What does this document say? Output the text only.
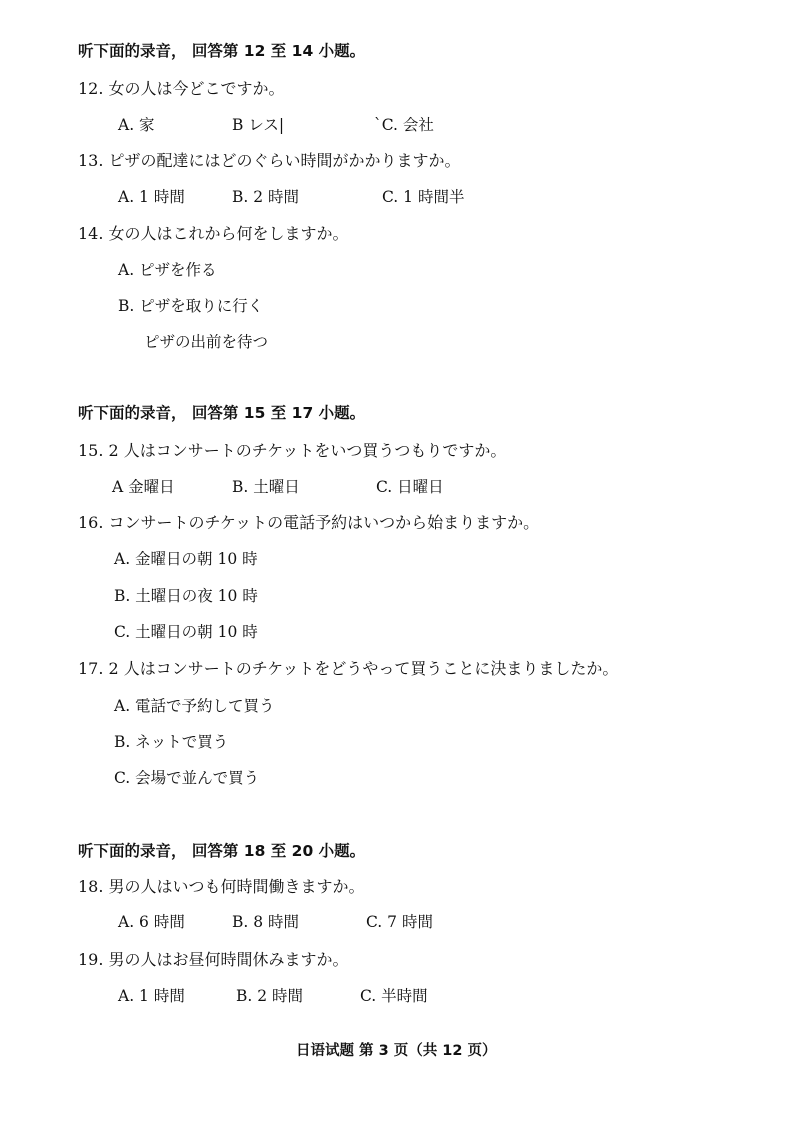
听下面的录音， 回答第 12 至 14 小题。
12. 女の人は今どこですか。
A. 家	B レス|	`C. 会社
13. ピザの配達にはどのぐらい時間がかかりますか。
A. 1 時間	B. 2 時間	C. 1 時間半
14. 女の人はこれから何をしますか。
A. ピザを作る
B. ピザを取りに行く
ピザの出前を待つ
听下面的录音， 回答第 15 至 17 小题。
15. 2 人はコンサートのチケットをいつ買うつもりですか。
A 金曜日	B. 土曜日	C. 日曜日
16. コンサートのチケットの電話予約はいつから始まりますか。
A. 金曜日の朝 10 時
B. 土曜日の夜 10 時
C. 土曜日の朝 10 時
17. 2 人はコンサートのチケットをどうやって買うことに決まりましたか。
A. 電話で予約して買う
B. ネットで買う
C. 会場で並んで買う
听下面的录音， 回答第 18 至 20 小题。
18. 男の人はいつも何時間働きますか。
A. 6 時間	B. 8 時間	C. 7 時間
19. 男の人はお昼何時間休みますか。
A. 1 時間	B. 2 時間	C. 半時間
日语试题 第 3 页（共 12 页）
